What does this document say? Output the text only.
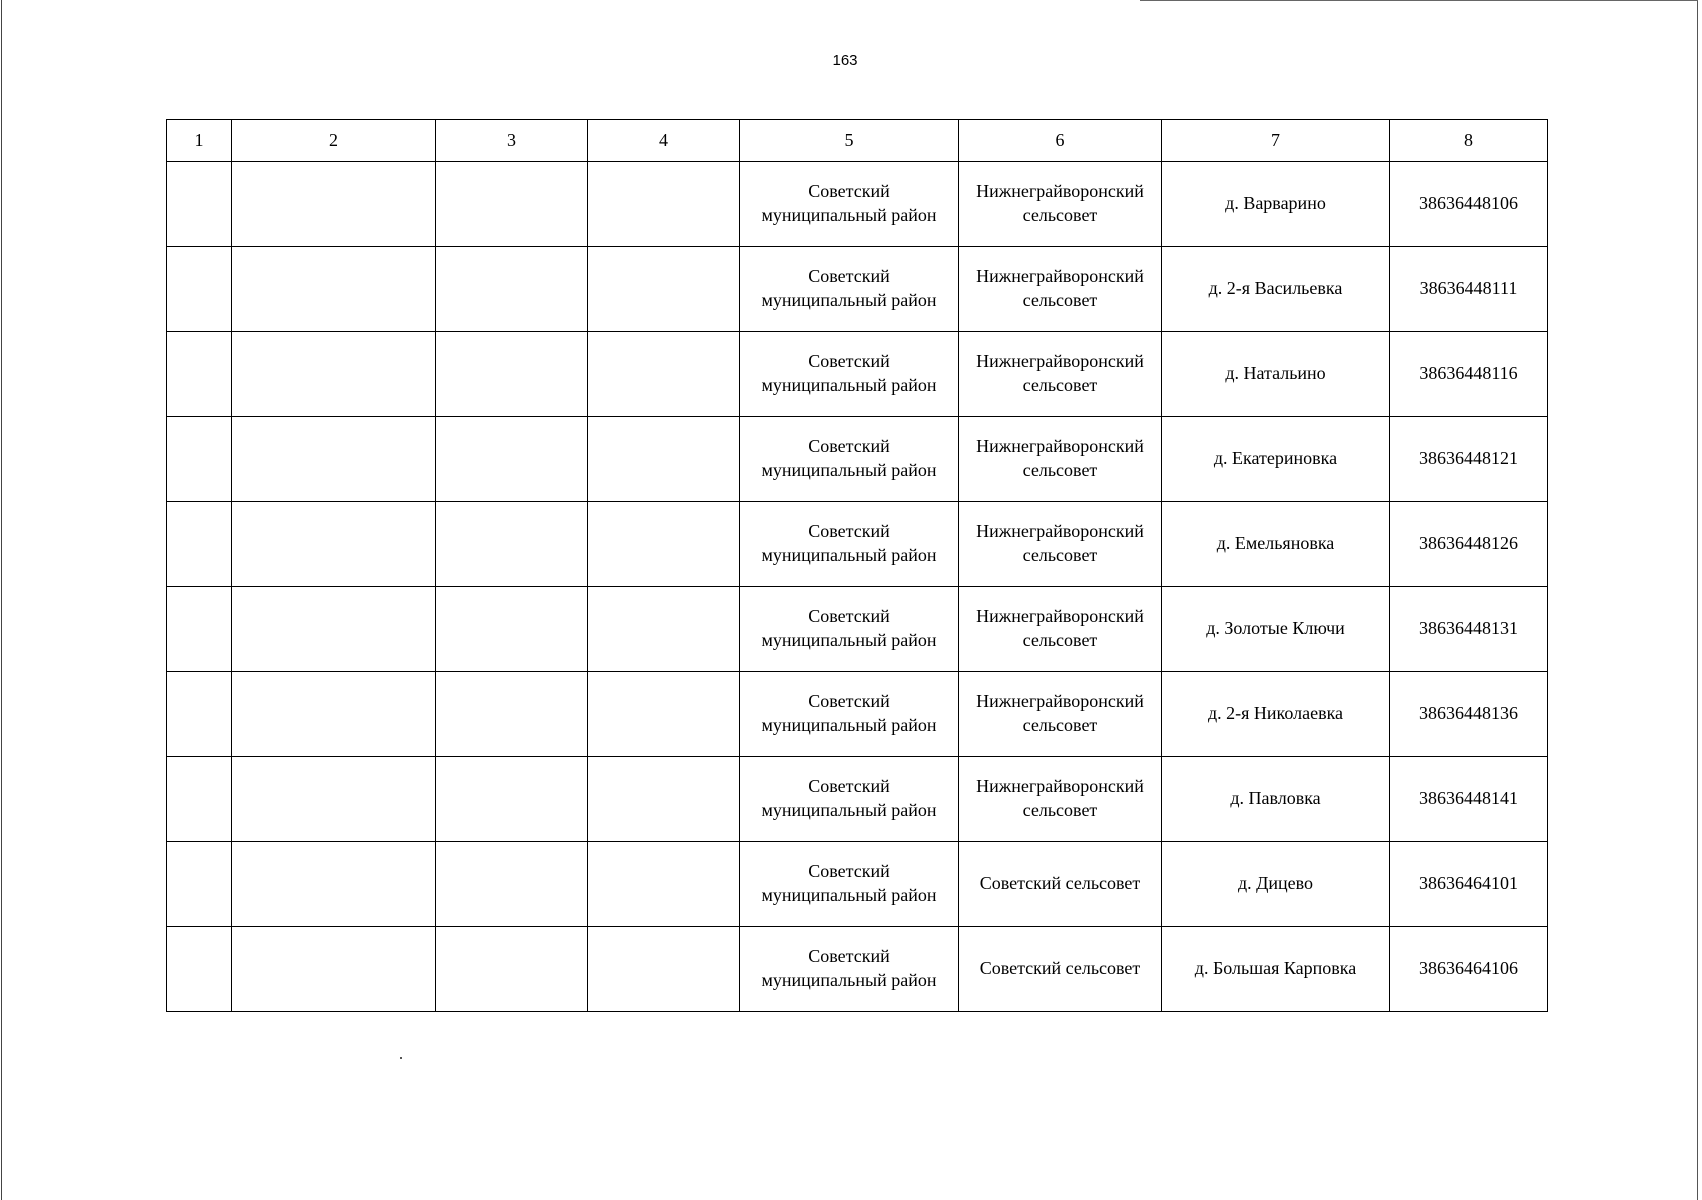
163
1	2	3	4	5	6	7	8
				Советский муниципальный район	Нижнеграйворонский сельсовет	д. Варварино	38636448106
				Советский муниципальный район	Нижнеграйворонский сельсовет	д. 2-я Васильевка	38636448111
				Советский муниципальный район	Нижнеграйворонский сельсовет	д. Натальино	38636448116
				Советский муниципальный район	Нижнеграйворонский сельсовет	д. Екатериновка	38636448121
				Советский муниципальный район	Нижнеграйворонский сельсовет	д. Емельяновка	38636448126
				Советский муниципальный район	Нижнеграйворонский сельсовет	д. Золотые Ключи	38636448131
				Советский муниципальный район	Нижнеграйворонский сельсовет	д. 2-я Николаевка	38636448136
				Советский муниципальный район	Нижнеграйворонский сельсовет	д. Павловка	38636448141
				Советский муниципальный район	Советский сельсовет	д. Дицево	38636464101
				Советский муниципальный район	Советский сельсовет	д. Большая Карповка	38636464106
